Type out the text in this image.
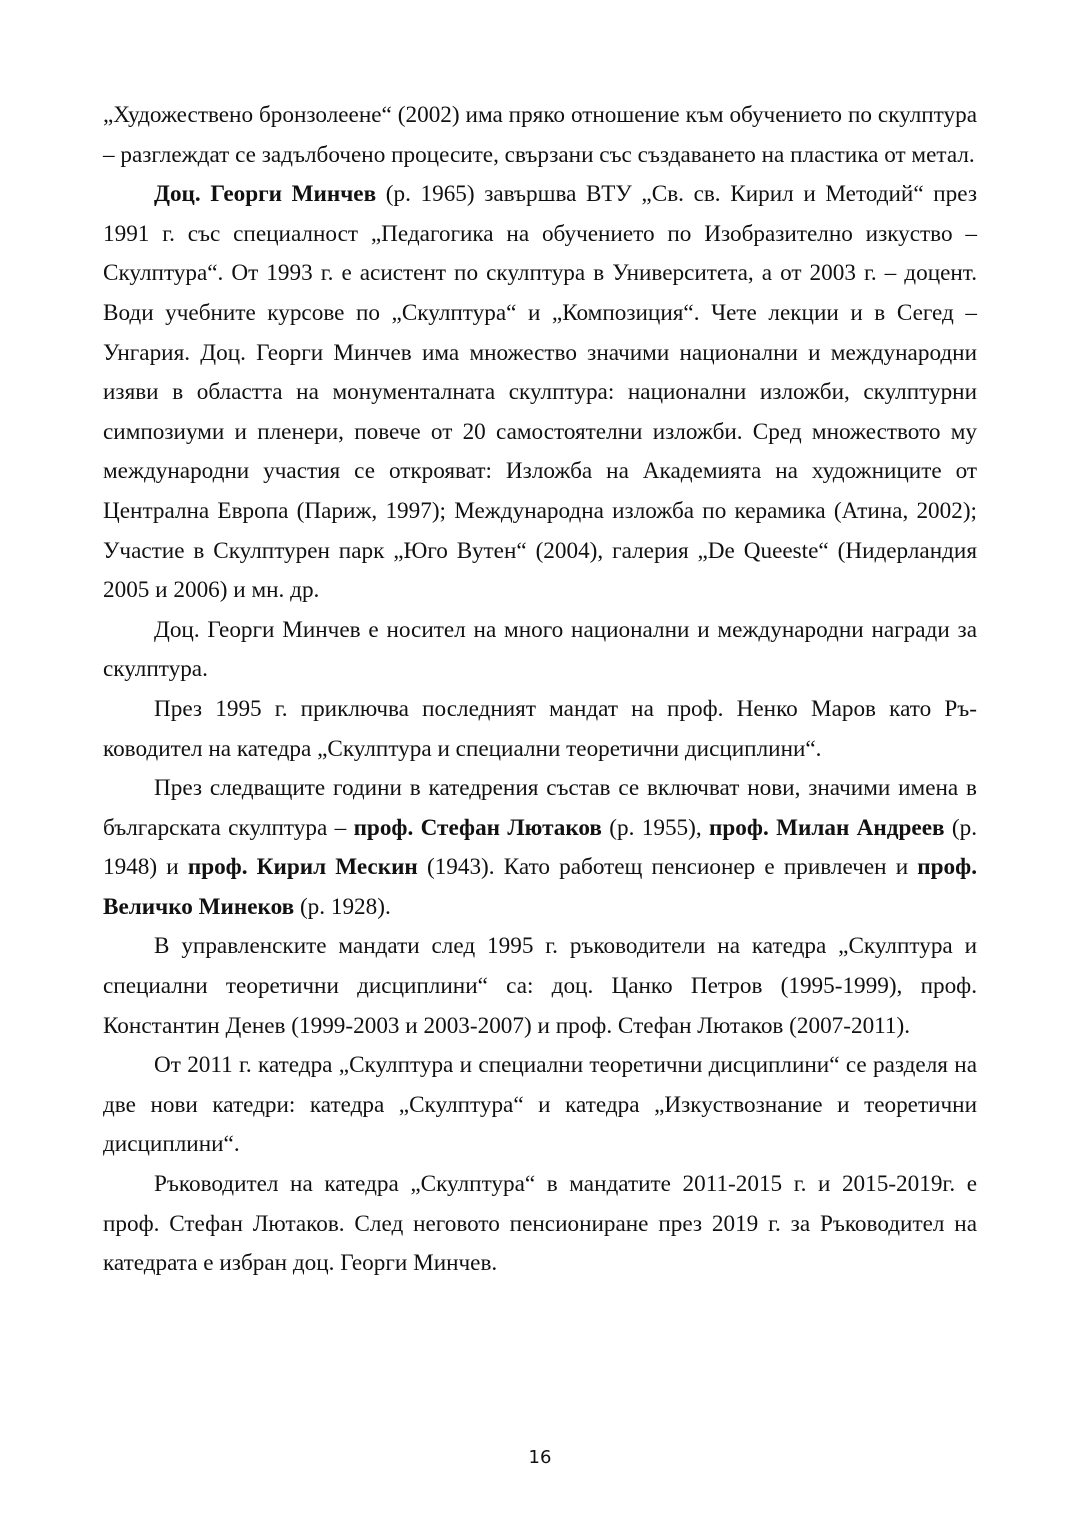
„Художествено бронзолеене“ (2002) има пряко отношение към обучението по скулптура – разглеждат се задълбочено процесите, свързани със създаването на пластика от метал.

Доц. Георги Минчев (р. 1965) завършва ВТУ „Св. св. Кирил и Методий“ през 1991 г. със специалност „Педагогика на обучението по Изобразително изкуство – Скулптура“. От 1993 г. е асистент по скулптура в Университета, а от 2003 г. – доцент. Води учебните курсове по „Скулптура“ и „Композиция“. Чете лекции и в Сегед – Унгария. Доц. Георги Минчев има множество значими национални и международни изяви в областта на монументалната скулптура: национални изложби, скулптурни симпозиуми и пленери, повече от 20 самостоятелни изложби. Сред множеството му международни участия се открояват: Изложба на Академията на художниците от Централна Европа (Париж, 1997); Международна изложба по керамика (Атина, 2002); Участие в Скулптурен парк „Юго Вутен“ (2004), галерия „De Queeste“ (Нидерландия 2005 и 2006) и мн. др.

Доц. Георги Минчев е носител на много национални и международни награди за скулптура.

През 1995 г. приключва последният мандат на проф. Ненко Маров като Ръководител на катедра „Скулптура и специални теоретични дисциплини“.

През следващите години в катедрения състав се включват нови, значими имена в българската скулптура – проф. Стефан Лютаков (р. 1955), проф. Милан Андреев (р. 1948) и проф. Кирил Мескин (1943). Като работещ пенсионер е привлечен и проф. Величко Минеков (р. 1928).

В управленските мандати след 1995 г. ръководители на катедра „Скулптура и специални теоретични дисциплини“ са: доц. Цанко Петров (1995-1999), проф. Константин Денев (1999-2003 и 2003-2007) и проф. Стефан Лютаков (2007-2011).

От 2011 г. катедра „Скулптура и специални теоретични дисциплини“ се разделя на две нови катедри: катедра „Скулптура“ и катедра „Изкуствознание и теоретични дисциплини“.

Ръководител на катедра „Скулптура“ в мандатите 2011-2015 г. и 2015-2019г. е проф. Стефан Лютаков. След неговото пенсиониране през 2019 г. за Ръководител на катедрата е избран доц. Георги Минчев.

16
